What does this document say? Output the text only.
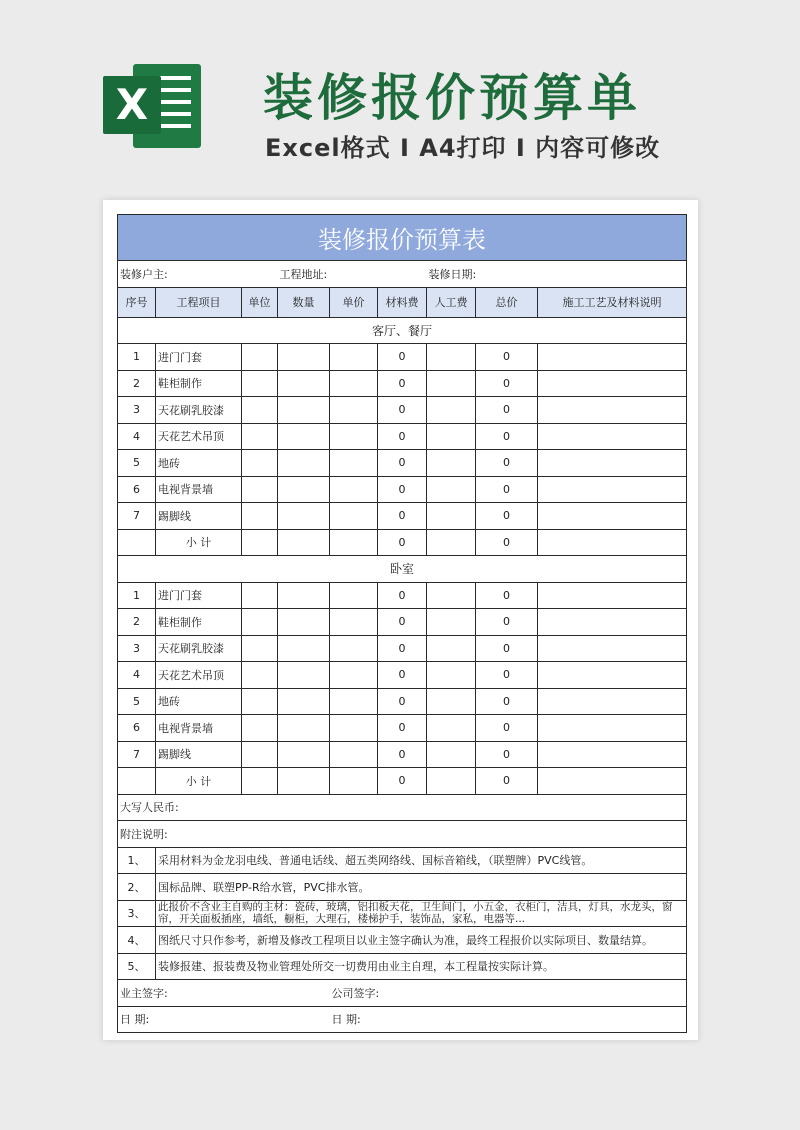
X 装修报价预算单
Excel格式 I A4打印 I 内容可修改
装修报价预算表								
装修户主:			工程地址:			装修日期:		
序号	工程项目	单位	数量	单价	材料费	人工费	总价	施工工艺及材料说明
客厅、餐厅								
1	进门门套				0		0	
2	鞋柜制作				0		0	
3	天花刷乳胶漆				0		0	
4	天花艺术吊顶				0		0	
5	地砖				0		0	
6	电视背景墙				0		0	
7	踢脚线				0		0	
	小 计				0		0	
卧室								
1	进门门套				0		0	
2	鞋柜制作				0		0	
3	天花刷乳胶漆				0		0	
4	天花艺术吊顶				0		0	
5	地砖				0		0	
6	电视背景墙				0		0	
7	踢脚线				0		0	
	小 计				0		0	
大写人民币:								
附注说明:								
1、	采用材料为金龙羽电线、普通电话线、超五类网络线、国标音箱线，（联塑牌）PVC线管。							
2、	国标品牌、联塑PP-R给水管，PVC排水管。							
3、	此报价不含业主自购的主材：瓷砖，玻璃，铝扣板天花，卫生间门，小五金，衣柜门，洁具，灯具，水龙头，窗帘，开关面板插座，墙纸，橱柜，大理石，楼梯护手，装饰品，家私，电器等...							
4、	图纸尺寸只作参考，新增及修改工程项目以业主签字确认为准，最终工程报价以实际项目、数量结算。							
5、	装修报建、报装费及物业管理处所交一切费用由业主自理，本工程量按实际计算。							
业主签字:				公司签字:				
日 期:				日 期:				
